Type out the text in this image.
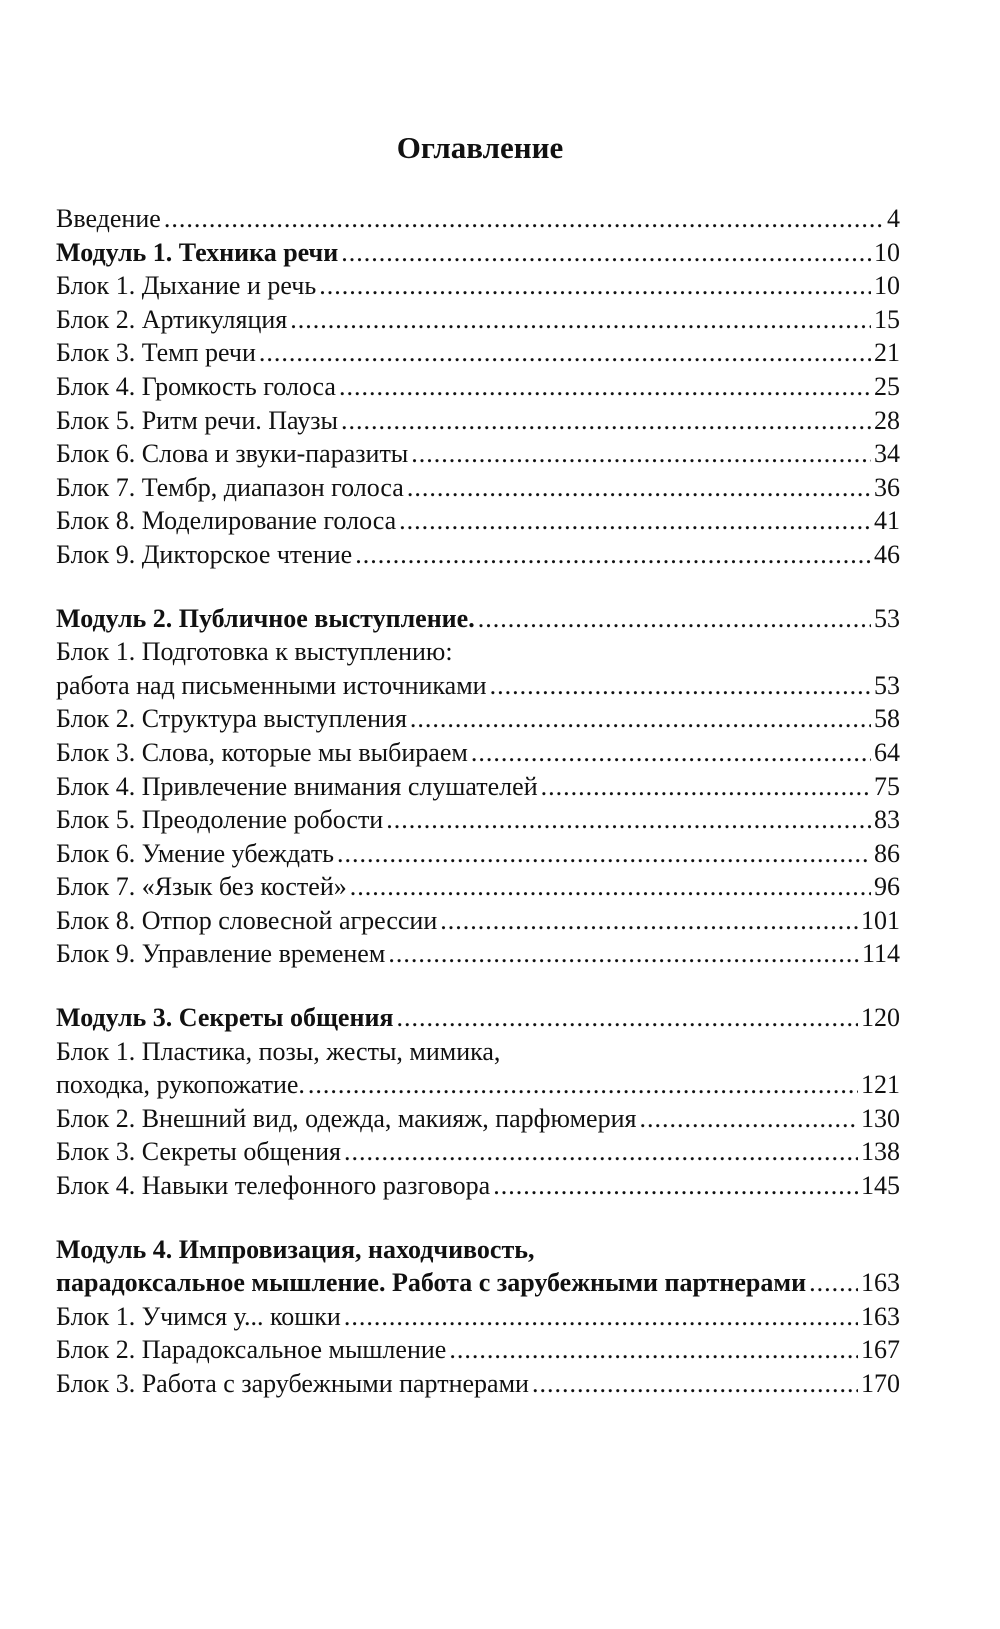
Оглавление
Введение .....	4
Модуль 1. Техника речи .....	10
Блок 1. Дыхание и речь .....	10
Блок 2. Артикуляция .....	15
Блок 3. Темп речи .....	21
Блок 4. Громкость голоса .....	25
Блок 5. Ритм речи. Паузы .....	28
Блок 6. Слова и звуки-паразиты .....	34
Блок 7. Тембр, диапазон голоса .....	36
Блок 8. Моделирование голоса .....	41
Блок 9. Дикторское чтение .....	46
Модуль 2. Публичное выступление. .....	53
Блок 1. Подготовка к выступлению:
работа над письменными источниками .....	53
Блок 2. Структура выступления .....	58
Блок 3. Слова, которые мы выбираем .....	64
Блок 4. Привлечение внимания слушателей .....	75
Блок 5. Преодоление робости .....	83
Блок 6. Умение убеждать .....	86
Блок 7. «Язык без костей» .....	96
Блок 8. Отпор словесной агрессии .....	101
Блок 9. Управление временем .....	114
Модуль 3. Секреты общения .....	120
Блок 1. Пластика, позы, жесты, мимика,
походка, рукопожатие. .....	121
Блок 2. Внешний вид, одежда, макияж, парфюмерия .....	130
Блок 3. Секреты общения .....	138
Блок 4. Навыки телефонного разговора .....	145
Модуль 4. Импровизация, находчивость,
парадоксальное мышление. Работа с зарубежными партнерами ..... 163
Блок 1. Учимся у... кошки .....	163
Блок 2. Парадоксальное мышление .....	167
Блок 3. Работа с зарубежными партнерами .....	170
